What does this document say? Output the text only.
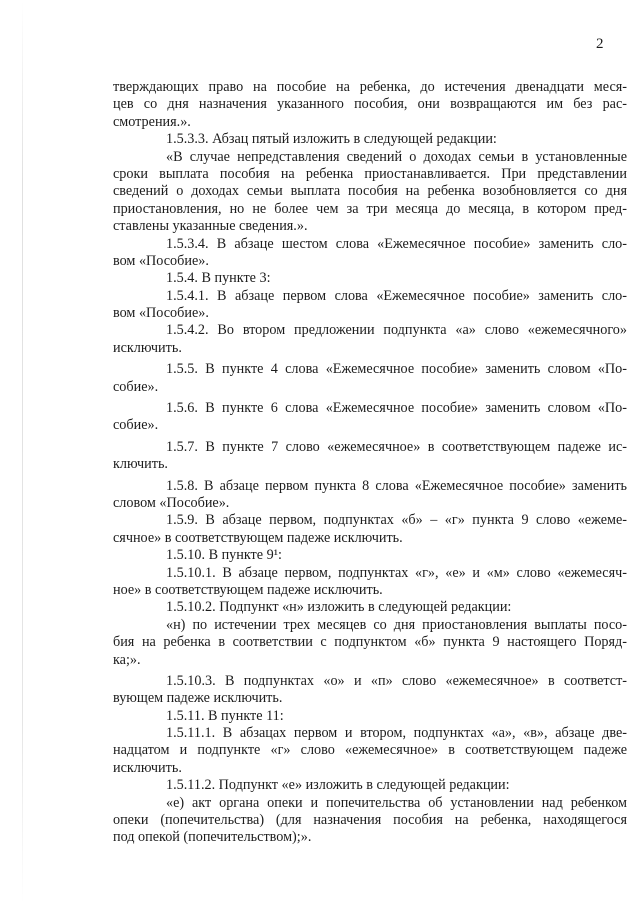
2
тверждающих право на пособие на ребенка, до истечения двенадцати меся-
цев со дня назначения указанного пособия, они возвращаются им без рас-
смотрения.».
1.5.3.3. Абзац пятый изложить в следующей редакции:
«В случае непредставления сведений о доходах семьи в установленные
сроки выплата пособия на ребенка приостанавливается. При представлении
сведений о доходах семьи выплата пособия на ребенка возобновляется со дня
приостановления, но не более чем за три месяца до месяца, в котором пред-
ставлены указанные сведения.».
1.5.3.4. В абзаце шестом слова «Ежемесячное пособие» заменить сло-
вом «Пособие».
1.5.4. В пункте 3:
1.5.4.1. В абзаце первом слова «Ежемесячное пособие» заменить сло-
вом «Пособие».
1.5.4.2. Во втором предложении подпункта «а» слово «ежемесячного»
исключить.
1.5.5. В пункте 4 слова «Ежемесячное пособие» заменить словом «По-
собие».
1.5.6. В пункте 6 слова «Ежемесячное пособие» заменить словом «По-
собие».
1.5.7. В пункте 7 слово «ежемесячное» в соответствующем падеже ис-
ключить.
1.5.8. В абзаце первом пункта 8 слова «Ежемесячное пособие» заменить
словом «Пособие».
1.5.9. В абзаце первом, подпунктах «б» – «г» пункта 9 слово «ежеме-
сячное» в соответствующем падеже исключить.
1.5.10. В пункте 9¹:
1.5.10.1. В абзаце первом, подпунктах «г», «е» и «м» слово «ежемесяч-
ное» в соответствующем падеже исключить.
1.5.10.2. Подпункт «н» изложить в следующей редакции:
«н) по истечении трех месяцев со дня приостановления выплаты посо-
бия на ребенка в соответствии с подпунктом «б» пункта 9 настоящего Поряд-
ка;».
1.5.10.3. В подпунктах «о» и «п» слово «ежемесячное» в соответст-
вующем падеже исключить.
1.5.11. В пункте 11:
1.5.11.1. В абзацах первом и втором, подпунктах «а», «в», абзаце две-
надцатом и подпункте «г» слово «ежемесячное» в соответствующем падеже
исключить.
1.5.11.2. Подпункт «е» изложить в следующей редакции:
«е) акт органа опеки и попечительства об установлении над ребенком
опеки (попечительства) (для назначения пособия на ребенка, находящегося
под опекой (попечительством);».
